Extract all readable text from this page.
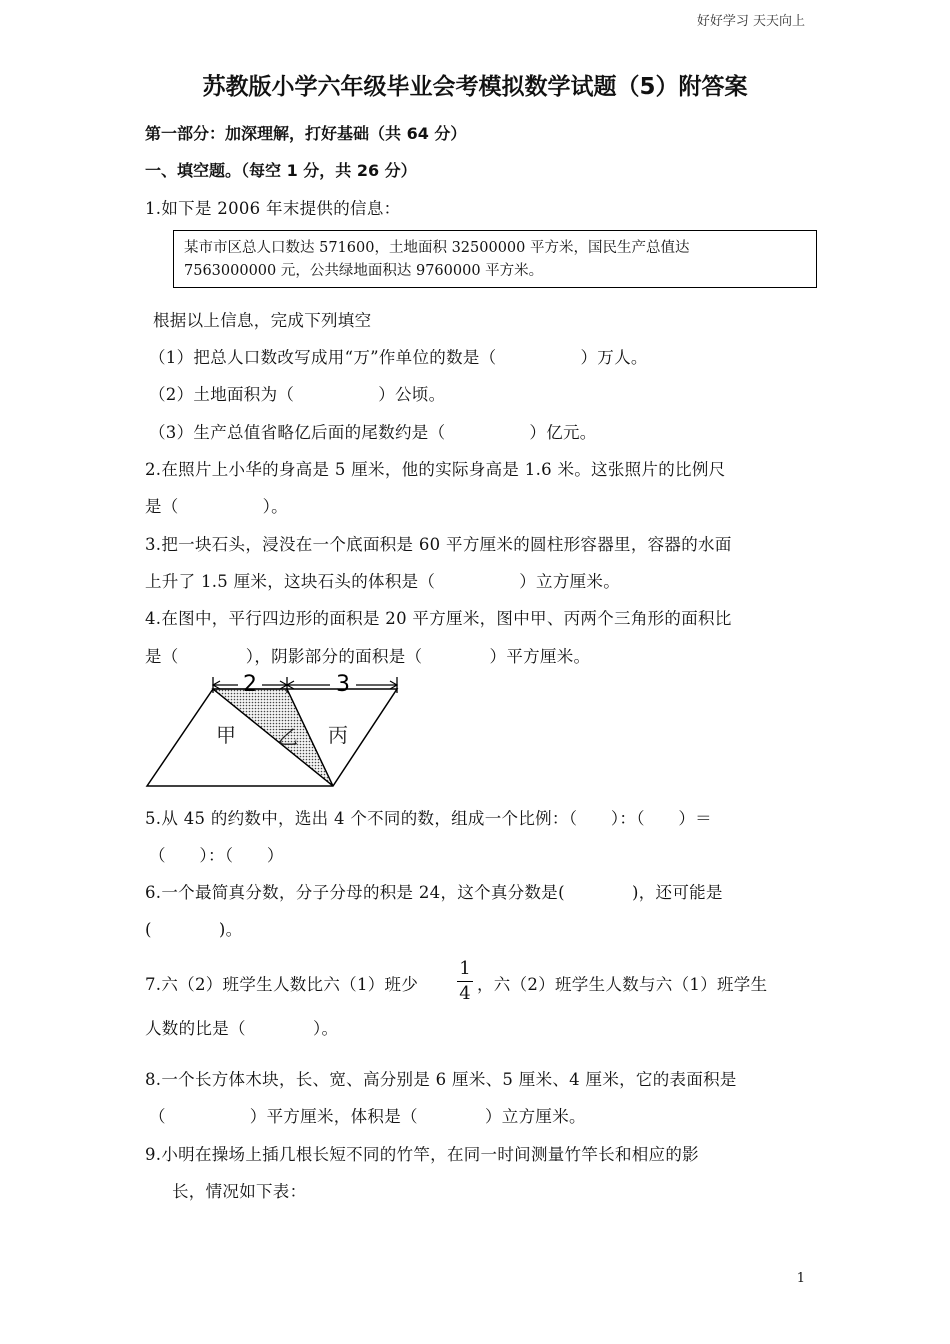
好好学习 天天向上
苏教版小学六年级毕业会考模拟数学试题（5）附答案
第一部分：加深理解，打好基础（共 64 分）
一、填空题。（每空 1 分，共 26 分）
1.如下是 2006 年末提供的信息：
某市市区总人口数达 571600，土地面积 32500000 平方米，国民生产总值达
7563000000 元，公共绿地面积达 9760000 平方米。
根据以上信息，完成下列填空
（1）把总人口数改写成用“万”作单位的数是（　　　　　）万人。
（2）土地面积为（　　　　　）公顷。
（3）生产总值省略亿后面的尾数约是（　　　　　）亿元。
2.在照片上小华的身高是 5 厘米，他的实际身高是 1.6 米。这张照片的比例尺
是（　　　　　）。
3.把一块石头，浸没在一个底面积是 60 平方厘米的圆柱形容器里，容器的水面
上升了 1.5 厘米，这块石头的体积是（　　　　　）立方厘米。
4.在图中，平行四边形的面积是 20 平方厘米，图中甲、丙两个三角形的面积比
是（　　　　），阴影部分的面积是（　　　　）平方厘米。
2	3
甲 乙 丙
5.从 45 的约数中，选出 4 个不同的数，组成一个比例：（　　）：（　　）＝
（　　）：（　　）
6.一个最简真分数，分子分母的积是 24，这个真分数是(　　　　)，还可能是
(　　　　)。
7.六（2）班学生人数比六（1）班少
1
4 ，六（2）班学生人数与六（1）班学生
人数的比是（　　　　）。
8.一个长方体木块，长、宽、高分别是 6 厘米、5 厘米、4 厘米，它的表面积是
（　　　　　）平方厘米，体积是（　　　　）立方厘米。
9.小明在操场上插几根长短不同的竹竿，在同一时间测量竹竿长和相应的影
长，情况如下表：
1
